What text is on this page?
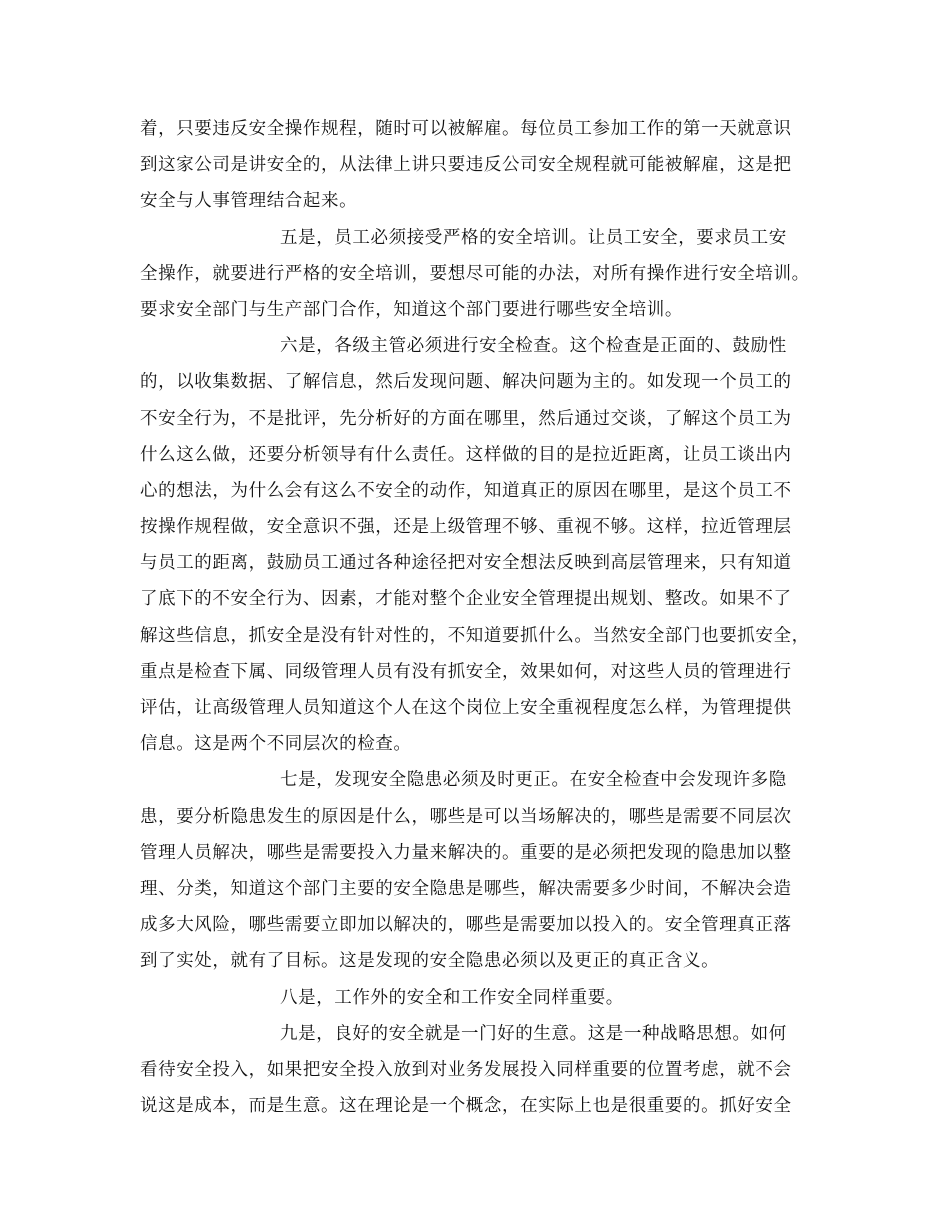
着，只要违反安全操作规程，随时可以被解雇。每位员工参加工作的第一天就意识
到这家公司是讲安全的，从法律上讲只要违反公司安全规程就可能被解雇，这是把
安全与人事管理结合起来。
五是，员工必须接受严格的安全培训。让员工安全，要求员工安
全操作，就要进行严格的安全培训，要想尽可能的办法，对所有操作进行安全培训。
要求安全部门与生产部门合作，知道这个部门要进行哪些安全培训。
六是，各级主管必须进行安全检查。这个检查是正面的、鼓励性
的，以收集数据、了解信息，然后发现问题、解决问题为主的。如发现一个员工的
不安全行为，不是批评，先分析好的方面在哪里，然后通过交谈，了解这个员工为
什么这么做，还要分析领导有什么责任。这样做的目的是拉近距离，让员工谈出内
心的想法，为什么会有这么不安全的动作，知道真正的原因在哪里，是这个员工不
按操作规程做，安全意识不强，还是上级管理不够、重视不够。这样，拉近管理层
与员工的距离，鼓励员工通过各种途径把对安全想法反映到高层管理来，只有知道
了底下的不安全行为、因素，才能对整个企业安全管理提出规划、整改。如果不了
解这些信息，抓安全是没有针对性的，不知道要抓什么。当然安全部门也要抓安全，
重点是检查下属、同级管理人员有没有抓安全，效果如何，对这些人员的管理进行
评估，让高级管理人员知道这个人在这个岗位上安全重视程度怎么样，为管理提供
信息。这是两个不同层次的检查。
七是，发现安全隐患必须及时更正。在安全检查中会发现许多隐
患，要分析隐患发生的原因是什么，哪些是可以当场解决的，哪些是需要不同层次
管理人员解决，哪些是需要投入力量来解决的。重要的是必须把发现的隐患加以整
理、分类，知道这个部门主要的安全隐患是哪些，解决需要多少时间，不解决会造
成多大风险，哪些需要立即加以解决的，哪些是需要加以投入的。安全管理真正落
到了实处，就有了目标。这是发现的安全隐患必须以及更正的真正含义。
八是，工作外的安全和工作安全同样重要。
九是，良好的安全就是一门好的生意。这是一种战略思想。如何
看待安全投入，如果把安全投入放到对业务发展投入同样重要的位置考虑，就不会
说这是成本，而是生意。这在理论是一个概念，在实际上也是很重要的。抓好安全
